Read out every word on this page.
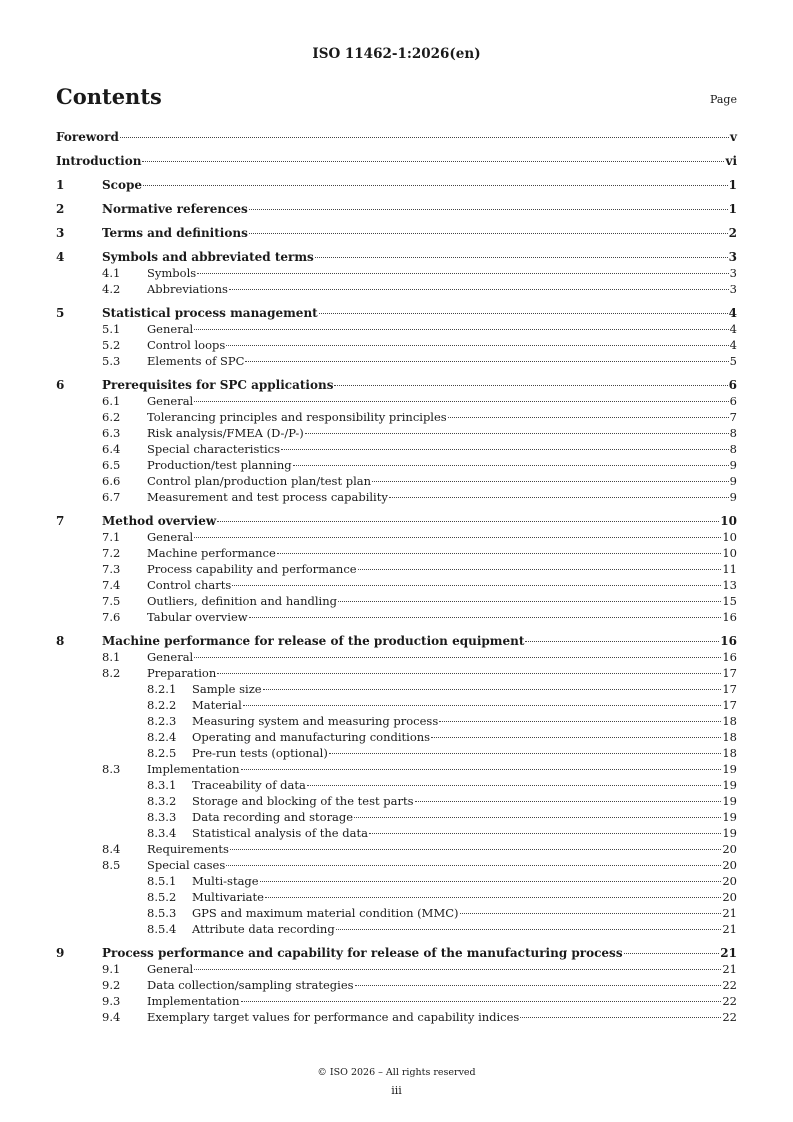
ISO 11462-1:2026(en)
Contents	Page
Foreword	v
Introduction	vi
1	Scope	1
2	Normative references	1
3	Terms and definitions	2
4	Symbols and abbreviated terms	3
4.1	Symbols	3
4.2	Abbreviations	3
5	Statistical process management	4
5.1	General	4
5.2	Control loops	4
5.3	Elements of SPC	5
6	Prerequisites for SPC applications	6
6.1	General	6
6.2	Tolerancing principles and responsibility principles	7
6.3	Risk analysis/FMEA (D-/P-)	8
6.4	Special characteristics	8
6.5	Production/test planning	9
6.6	Control plan/production plan/test plan	9
6.7	Measurement and test process capability	9
7	Method overview	10
7.1	General	10
7.2	Machine performance	10
7.3	Process capability and performance	11
7.4	Control charts	13
7.5	Outliers, definition and handling	15
7.6	Tabular overview	16
8	Machine performance for release of the production equipment	16
8.1	General	16
8.2	Preparation	17
8.2.1	Sample size	17
8.2.2	Material	17
8.2.3	Measuring system and measuring process	18
8.2.4	Operating and manufacturing conditions	18
8.2.5	Pre-run tests (optional)	18
8.3	Implementation	19
8.3.1	Traceability of data	19
8.3.2	Storage and blocking of the test parts	19
8.3.3	Data recording and storage	19
8.3.4	Statistical analysis of the data	19
8.4	Requirements	20
8.5	Special cases	20
8.5.1	Multi-stage	20
8.5.2	Multivariate	20
8.5.3	GPS and maximum material condition (MMC)	21
8.5.4	Attribute data recording	21
9	Process performance and capability for release of the manufacturing process	21
9.1	General	21
9.2	Data collection/sampling strategies	22
9.3	Implementation	22
9.4	Exemplary target values for performance and capability indices	22
© ISO 2026 – All rights reserved
iii
